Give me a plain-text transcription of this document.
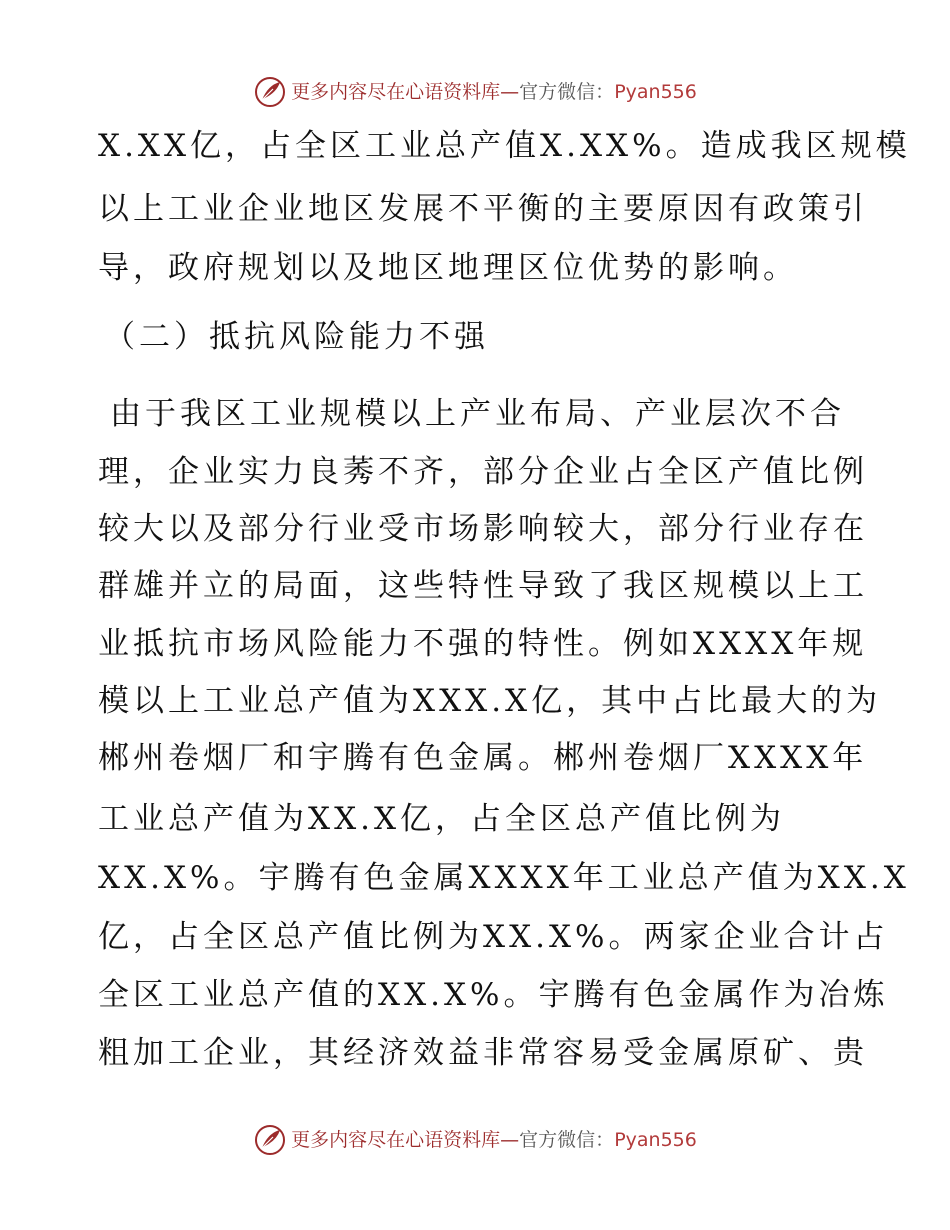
更多内容尽在心语资料库 — 官方微信： Pyan556
X.XX亿，占全区工业总产值X.XX%。造成我区规模
以上工业企业地区发展不平衡的主要原因有政策引
导，政府规划以及地区地理区位优势的影响。
（二）抵抗风险能力不强
由于我区工业规模以上产业布局、产业层次不合
理，企业实力良莠不齐，部分企业占全区产值比例
较大以及部分行业受市场影响较大，部分行业存在
群雄并立的局面，这些特性导致了我区规模以上工
业抵抗市场风险能力不强的特性。例如XXXX年规
模以上工业总产值为XXX.X亿，其中占比最大的为
郴州卷烟厂和宇腾有色金属。郴州卷烟厂XXXX年
工业总产值为XX.X亿，占全区总产值比例为
XX.X%。宇腾有色金属XXXX年工业总产值为XX.X
亿，占全区总产值比例为XX.X%。两家企业合计占
全区工业总产值的XX.X%。宇腾有色金属作为冶炼
粗加工企业，其经济效益非常容易受金属原矿、贵
更多内容尽在心语资料库 — 官方微信： Pyan556
